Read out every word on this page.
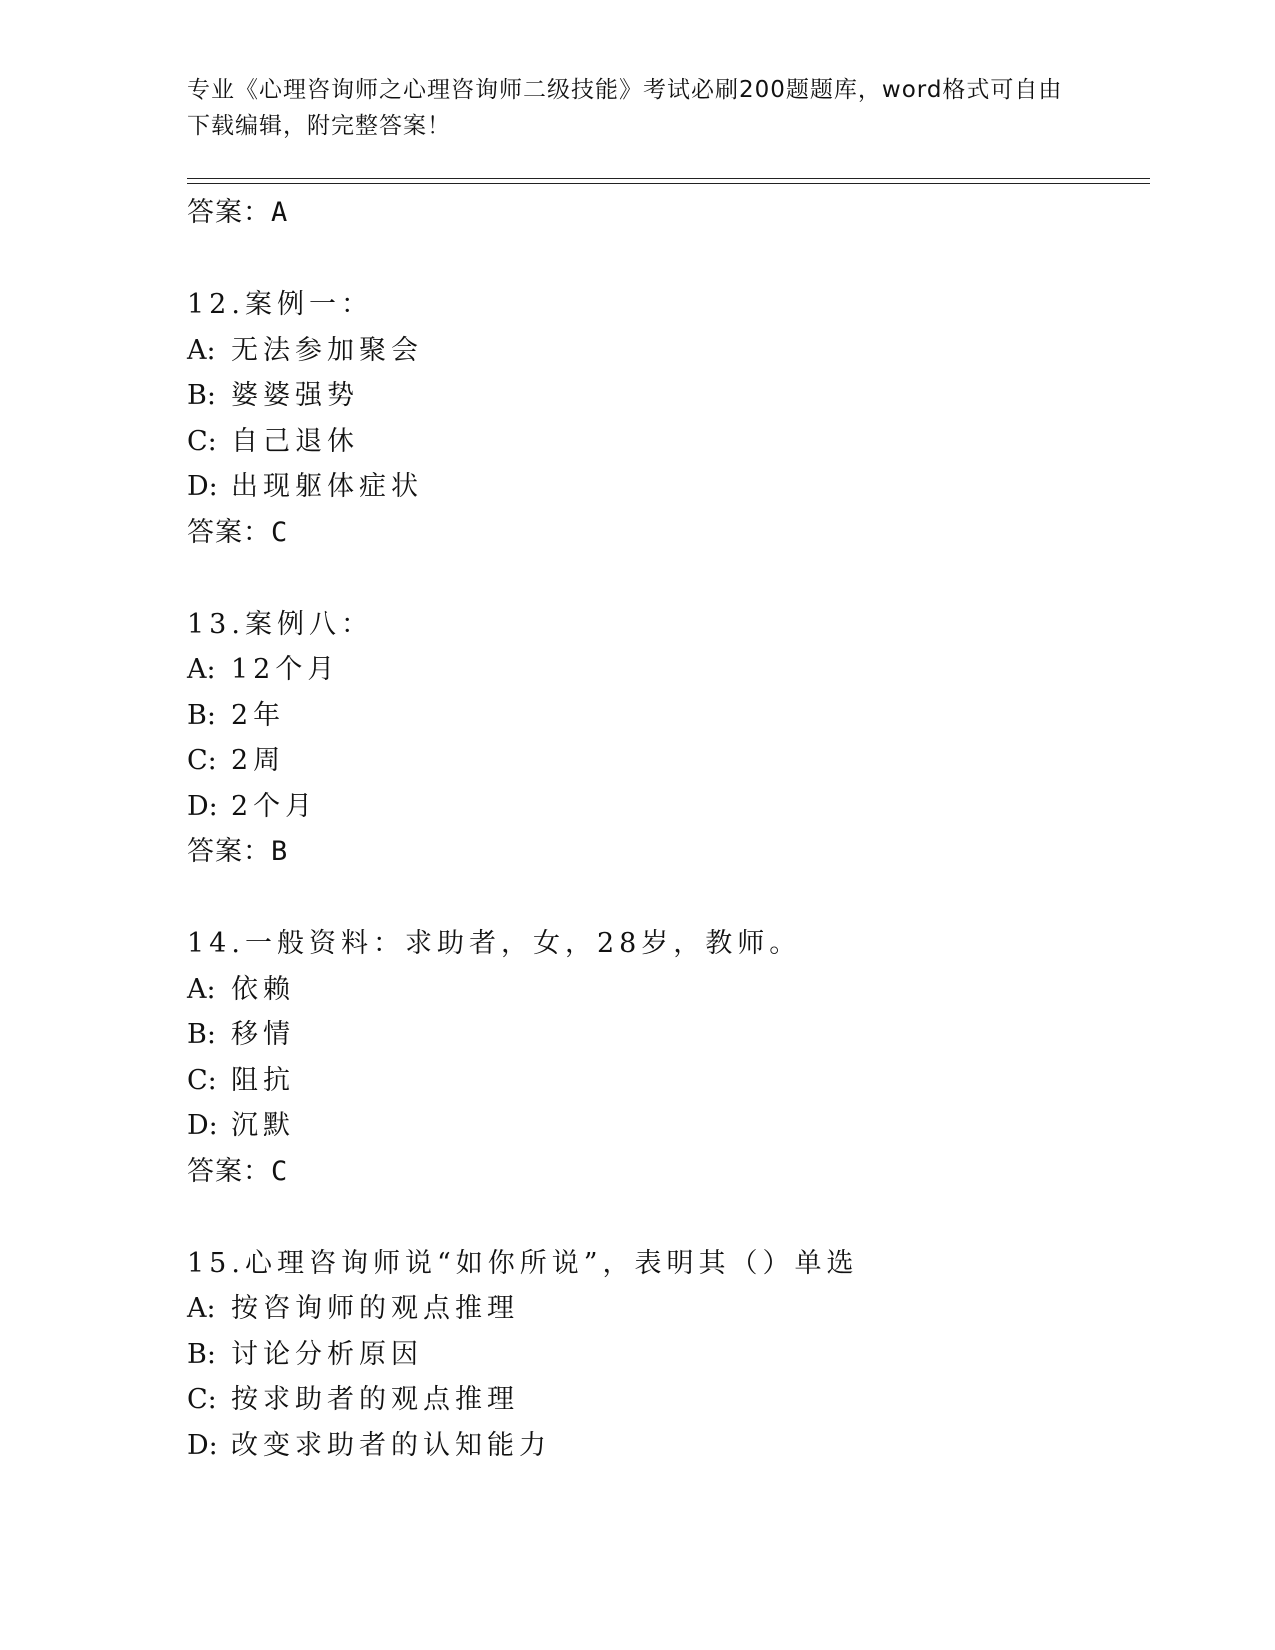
专业《心理咨询师之心理咨询师二级技能》考试必刷200题题库，word格式可自由下载编辑，附完整答案！
答案：A
12.案例一：
A: 无法参加聚会
B: 婆婆强势
C: 自己退休
D: 出现躯体症状
答案：C
13.案例八：
A: 12个月
B: 2年
C: 2周
D: 2个月
答案：B
14.一般资料：求助者，女，28岁，教师。
A: 依赖
B: 移情
C: 阻抗
D: 沉默
答案：C
15.心理咨询师说“如你所说”，表明其（）单选
A: 按咨询师的观点推理
B: 讨论分析原因
C: 按求助者的观点推理
D: 改变求助者的认知能力
